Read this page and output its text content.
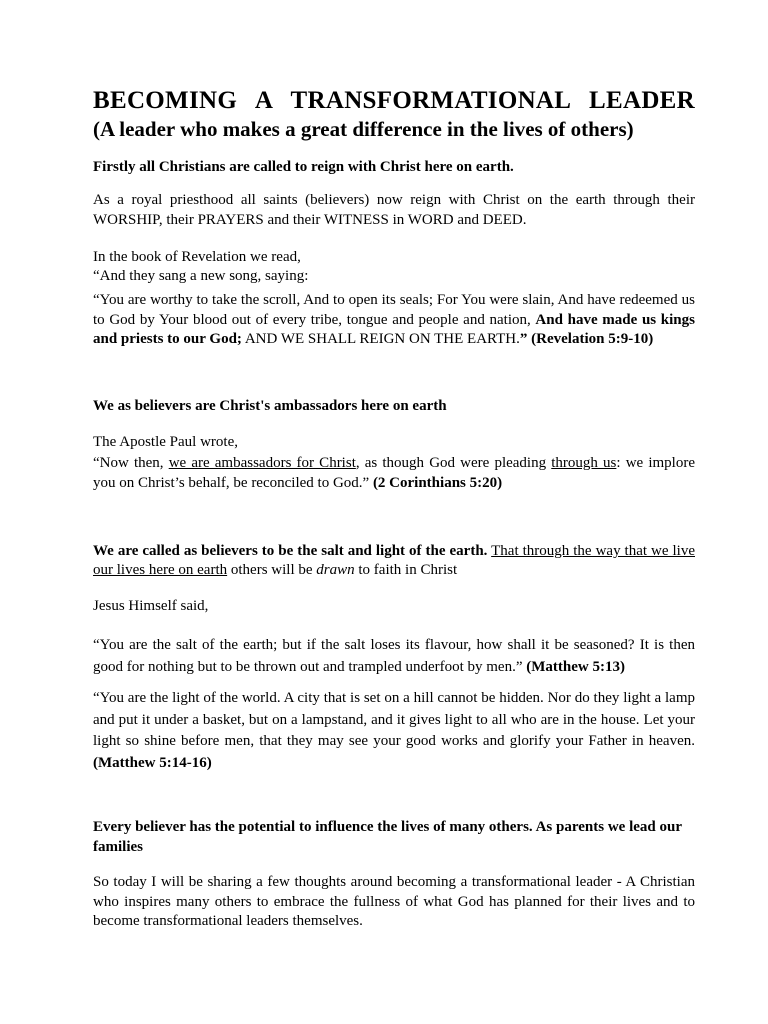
BECOMING A TRANSFORMATIONAL LEADER
(A leader who makes a great difference in the lives of others)

Firstly all Christians are called to reign with Christ here on earth.

As a royal priesthood all saints (believers) now reign with Christ on the earth through their WORSHIP, their PRAYERS and their WITNESS in WORD and DEED.

In the book of Revelation we read,

“And they sang a new song, saying:

“You are worthy to take the scroll, And to open its seals; For You were slain, And have redeemed us to God by Your blood out of every tribe, tongue and people and nation, And have made us kings and priests to our God; AND WE SHALL REIGN ON THE EARTH.” (Revelation 5:9-10)

We as believers are Christ's ambassadors here on earth

The Apostle Paul wrote,

“Now then, we are ambassadors for Christ, as though God were pleading through us: we implore you on Christ’s behalf, be reconciled to God.” (2 Corinthians 5:20)

We are called as believers to be the salt and light of the earth. That through the way that we live our lives here on earth others will be drawn to faith in Christ

Jesus Himself said,

“You are the salt of the earth; but if the salt loses its flavour, how shall it be seasoned? It is then good for nothing but to be thrown out and trampled underfoot by men.” (Matthew 5:13)

“You are the light of the world. A city that is set on a hill cannot be hidden. Nor do they light a lamp and put it under a basket, but on a lampstand, and it gives light to all who are in the house. Let your light so shine before men, that they may see your good works and glorify your Father in heaven. (Matthew 5:14-16)

Every believer has the potential to influence the lives of many others. As parents we lead our families

So today I will be sharing a few thoughts around becoming a transformational leader - A Christian who inspires many others to embrace the fullness of what God has planned for their lives and to become transformational leaders themselves.
